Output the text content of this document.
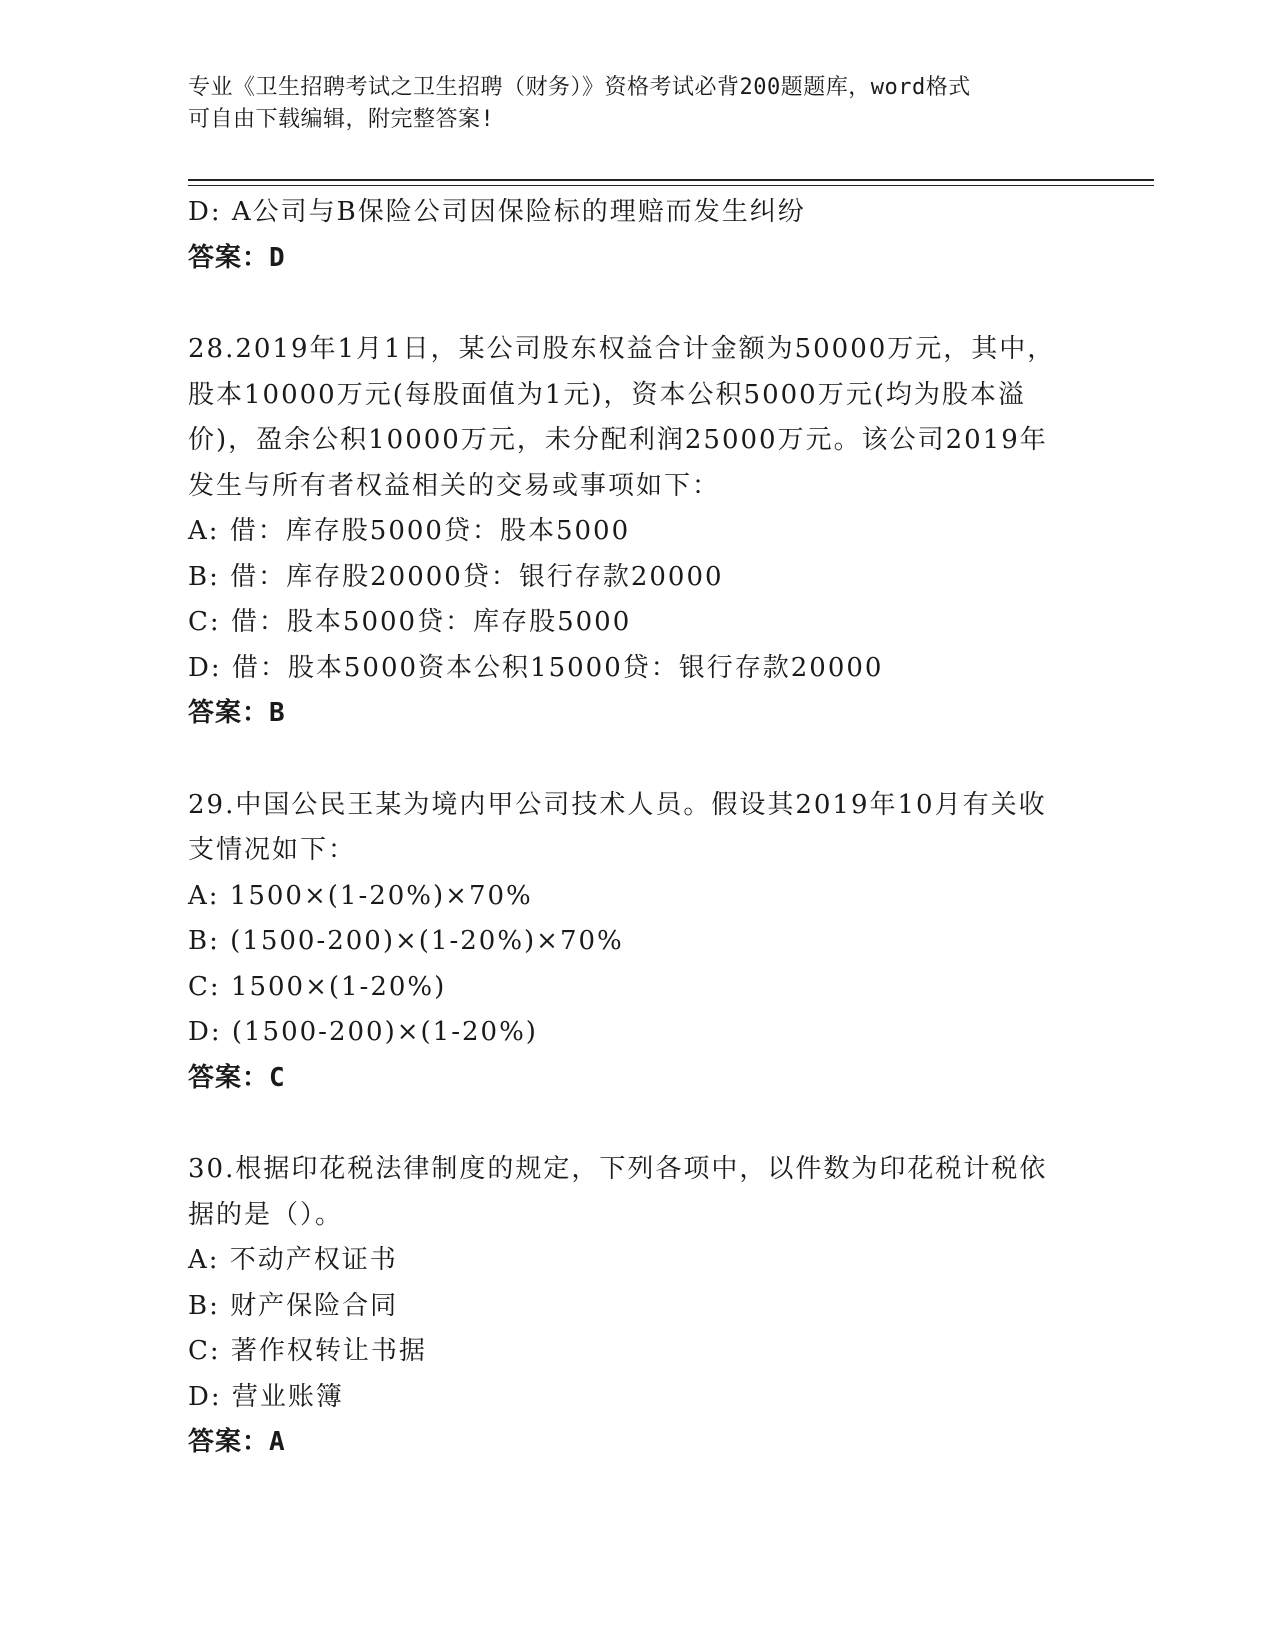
专业《卫生招聘考试之卫生招聘（财务）》资格考试必背200题题库，word格式
可自由下载编辑，附完整答案!
D: A公司与B保险公司因保险标的理赔而发生纠纷
答案：D
28.2019年1月1日，某公司股东权益合计金额为50000万元，其中，
股本10000万元(每股面值为1元)，资本公积5000万元(均为股本溢
价)，盈余公积10000万元，未分配利润25000万元。该公司2019年
发生与所有者权益相关的交易或事项如下：
A: 借：库存股5000贷：股本5000
B: 借：库存股20000贷：银行存款20000
C: 借：股本5000贷：库存股5000
D: 借：股本5000资本公积15000贷：银行存款20000
答案：B
29.中国公民王某为境内甲公司技术人员。假设其2019年10月有关收
支情况如下：
A: 1500×(1-20%)×70%
B: (1500-200)×(1-20%)×70%
C: 1500×(1-20%)
D: (1500-200)×(1-20%)
答案：C
30.根据印花税法律制度的规定，下列各项中，以件数为印花税计税依
据的是（）。
A: 不动产权证书
B: 财产保险合同
C: 著作权转让书据
D: 营业账簿
答案：A
